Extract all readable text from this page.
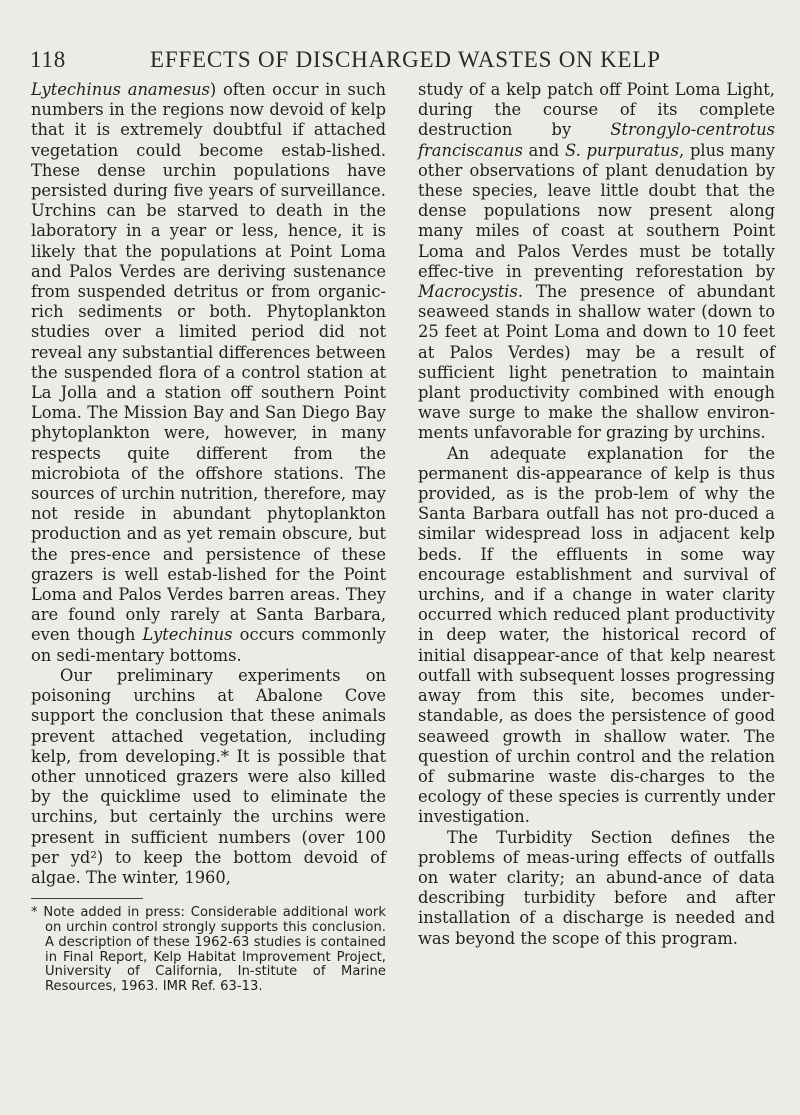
118	EFFECTS OF DISCHARGED WASTES ON KELP

Lytechinus anamesus) often occur in such numbers in the regions now devoid of kelp that it is extremely doubtful if attached vegetation could become estab-lished. These dense urchin populations have persisted during five years of surveillance. Urchins can be starved to death in the laboratory in a year or less, hence, it is likely that the populations at Point Loma and Palos Verdes are deriving sustenance from suspended detritus or from organic-rich sediments or both. Phytoplankton studies over a limited period did not reveal any substantial differences between the suspended flora of a control station at La Jolla and a station off southern Point Loma. The Mission Bay and San Diego Bay phytoplankton were, however, in many respects quite different from the microbiota of the offshore stations. The sources of urchin nutrition, therefore, may not reside in abundant phytoplankton production and as yet remain obscure, but the pres-ence and persistence of these grazers is well estab-lished for the Point Loma and Palos Verdes barren areas. They are found only rarely at Santa Barbara, even though Lytechinus occurs commonly on sedi-mentary bottoms.

Our preliminary experiments on poisoning urchins at Abalone Cove support the conclusion that these animals prevent attached vegetation, including kelp, from developing.* It is possible that other unnoticed grazers were also killed by the quicklime used to eliminate the urchins, but certainly the urchins were present in sufficient numbers (over 100 per yd²) to keep the bottom devoid of algae. The winter, 1960,

* Note added in press: Considerable additional work on urchin control strongly supports this conclusion. A description of these 1962-63 studies is contained in Final Report, Kelp Habitat Improvement Project, University of California, In-stitute of Marine Resources, 1963. IMR Ref. 63-13.

study of a kelp patch off Point Loma Light, during the course of its complete destruction by Strongylo-centrotus franciscanus and S. purpuratus, plus many other observations of plant denudation by these species, leave little doubt that the dense populations now present along many miles of coast at southern Point Loma and Palos Verdes must be totally effec-tive in preventing reforestation by Macrocystis. The presence of abundant seaweed stands in shallow water (down to 25 feet at Point Loma and down to 10 feet at Palos Verdes) may be a result of sufficient light penetration to maintain plant productivity combined with enough wave surge to make the shallow environ-ments unfavorable for grazing by urchins.

An adequate explanation for the permanent dis-appearance of kelp is thus provided, as is the prob-lem of why the Santa Barbara outfall has not pro-duced a similar widespread loss in adjacent kelp beds. If the effluents in some way encourage establishment and survival of urchins, and if a change in water clarity occurred which reduced plant productivity in deep water, the historical record of initial disappear-ance of that kelp nearest outfall with subsequent losses progressing away from this site, becomes under-standable, as does the persistence of good seaweed growth in shallow water. The question of urchin control and the relation of submarine waste dis-charges to the ecology of these species is currently under investigation.

The Turbidity Section defines the problems of meas-uring effects of outfalls on water clarity; an abund-ance of data describing turbidity before and after installation of a discharge is needed and was beyond the scope of this program.
